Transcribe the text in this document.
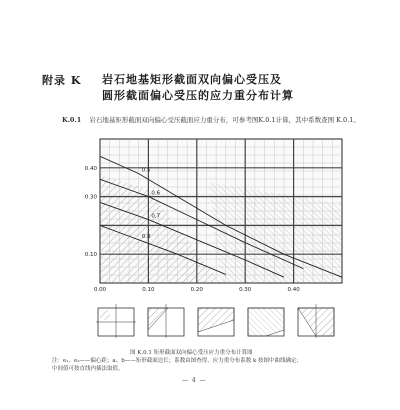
附录 K 岩石地基矩形截面双向偏心受压及
圆形截面偏心受压的应力重分布计算
K.0.1 岩石地基矩形截面双向偏心受压截面应力重分布，可参考图K.0.1计算，其中系数查图 K.0.1。
0.5
0.6
0.7
0.8
0.40
0.30
0.10
0.00	0.10	0.20	0.30	0.40
图 K.0.1 矩形截面双向偏心受压应力重分布计算图
注：e₁、e₂——偏心距；a、b——矩形截面边长；系数由图查得，应力重分布系数 k 按图中曲线确定；
中间值可按直线内插法取值。
— 4 —
